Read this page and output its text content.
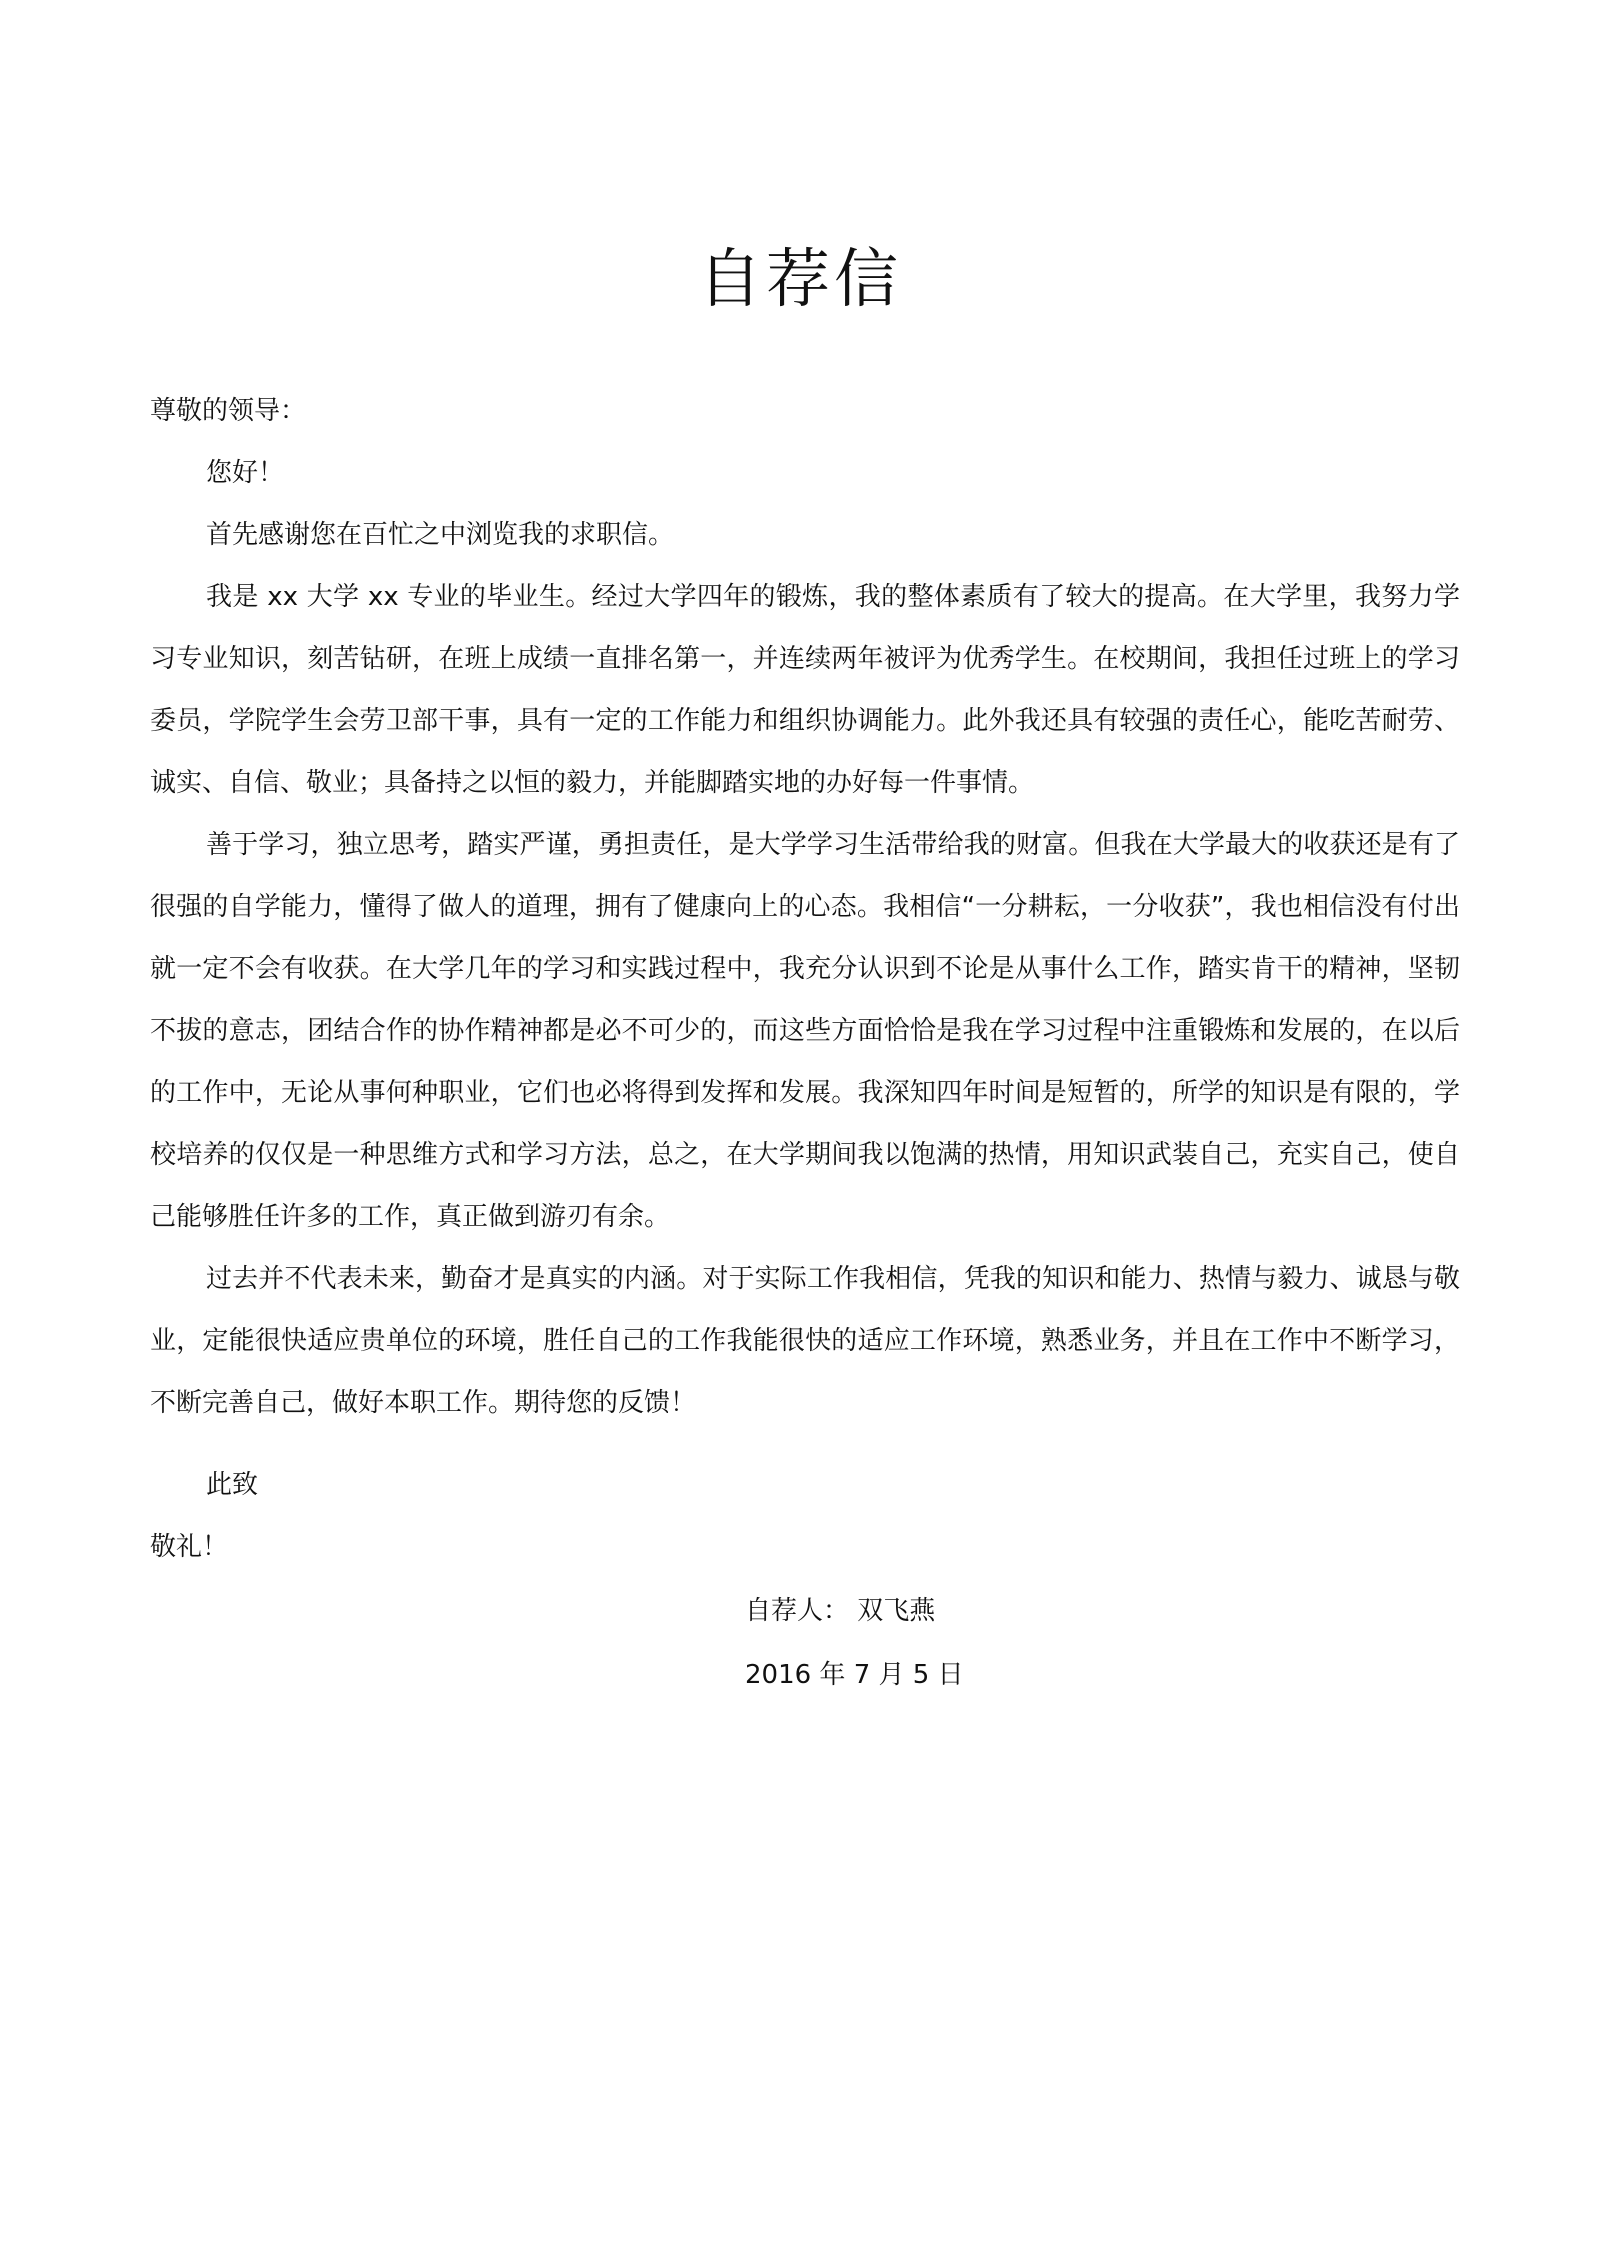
自荐信

尊敬的领导：

您好！

首先感谢您在百忙之中浏览我的求职信。

我是 xx 大学 xx 专业的毕业生。经过大学四年的锻炼，我的整体素质有了较大的提高。在大学里，我努力学习专业知识，刻苦钻研，在班上成绩一直排名第一，并连续两年被评为优秀学生。在校期间，我担任过班上的学习委员，学院学生会劳卫部干事，具有一定的工作能力和组织协调能力。此外我还具有较强的责任心，能吃苦耐劳、诚实、自信、敬业；具备持之以恒的毅力，并能脚踏实地的办好每一件事情。

善于学习，独立思考，踏实严谨，勇担责任，是大学学习生活带给我的财富。但我在大学最大的收获还是有了很强的自学能力，懂得了做人的道理，拥有了健康向上的心态。我相信“一分耕耘，一分收获”，我也相信没有付出就一定不会有收获。在大学几年的学习和实践过程中，我充分认识到不论是从事什么工作，踏实肯干的精神，坚韧不拔的意志，团结合作的协作精神都是必不可少的，而这些方面恰恰是我在学习过程中注重锻炼和发展的，在以后的工作中，无论从事何种职业，它们也必将得到发挥和发展。我深知四年时间是短暂的，所学的知识是有限的，学校培养的仅仅是一种思维方式和学习方法，总之，在大学期间我以饱满的热情，用知识武装自己，充实自己，使自己能够胜任许多的工作，真正做到游刃有余。

过去并不代表未来，勤奋才是真实的内涵。对于实际工作我相信，凭我的知识和能力、热情与毅力、诚恳与敬业，定能很快适应贵单位的环境，胜任自己的工作我能很快的适应工作环境，熟悉业务，并且在工作中不断学习，不断完善自己，做好本职工作。期待您的反馈！

此致

敬礼！

自荐人： 双飞燕
2016 年 7 月 5 日
